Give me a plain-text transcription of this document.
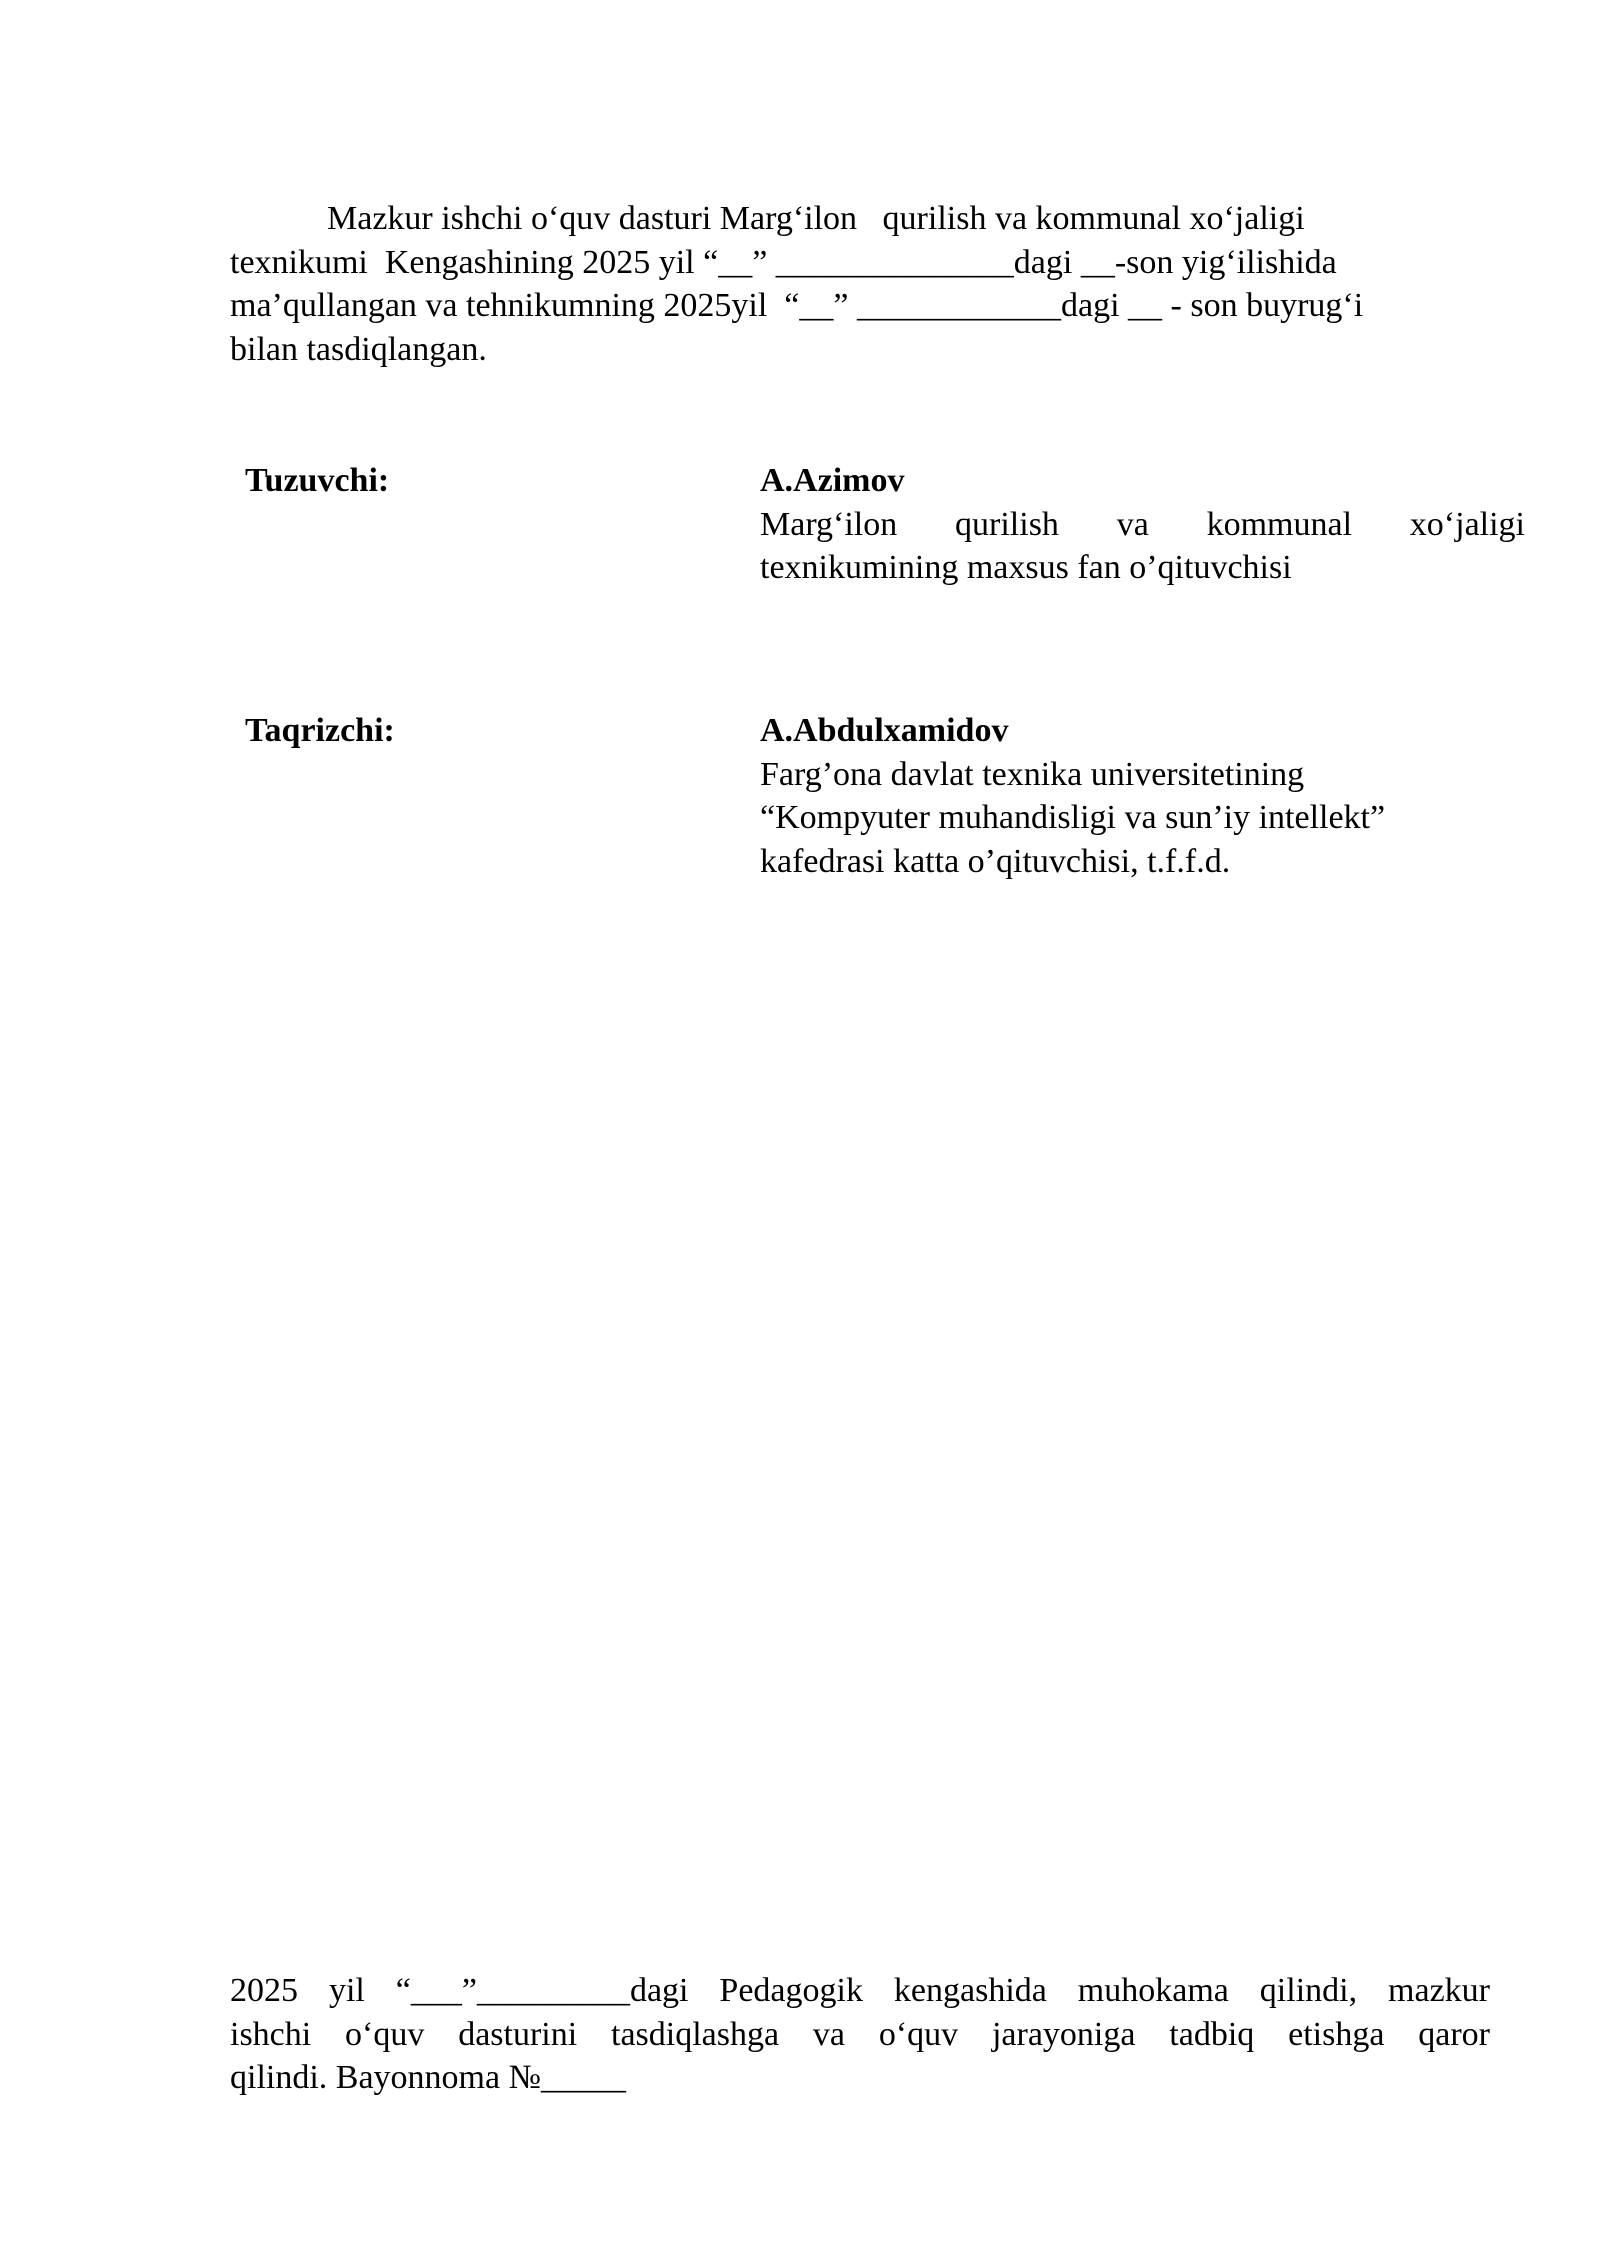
Mazkur ishchi o‘quv dasturi Marg‘ilon   qurilish va kommunal xo‘jaligi
texnikumi  Kengashining 2025 yil “__” ______________dagi __-son yig‘ilishida
ma’qullangan va tehnikumning 2025yil  “__” ____________dagi __ - son buyrug‘i
bilan tasdiqlangan.
Tuzuvchi:	A.Azimov
Marg‘ilon qurilish va kommunal xo‘jaligi
texnikumining maxsus fan o’qituvchisi
Taqrizchi:	A.Abdulxamidov
Farg’ona davlat texnika universitetining
“Kompyuter muhandisligi va sun’iy intellekt”
kafedrasi katta o’qituvchisi, t.f.f.d.
2025 yil “___”_________dagi Pedagogik kengashida muhokama qilindi, mazkur
ishchi o‘quv dasturini tasdiqlashga va o‘quv jarayoniga tadbiq etishga qaror
qilindi. Bayonnoma №_____
